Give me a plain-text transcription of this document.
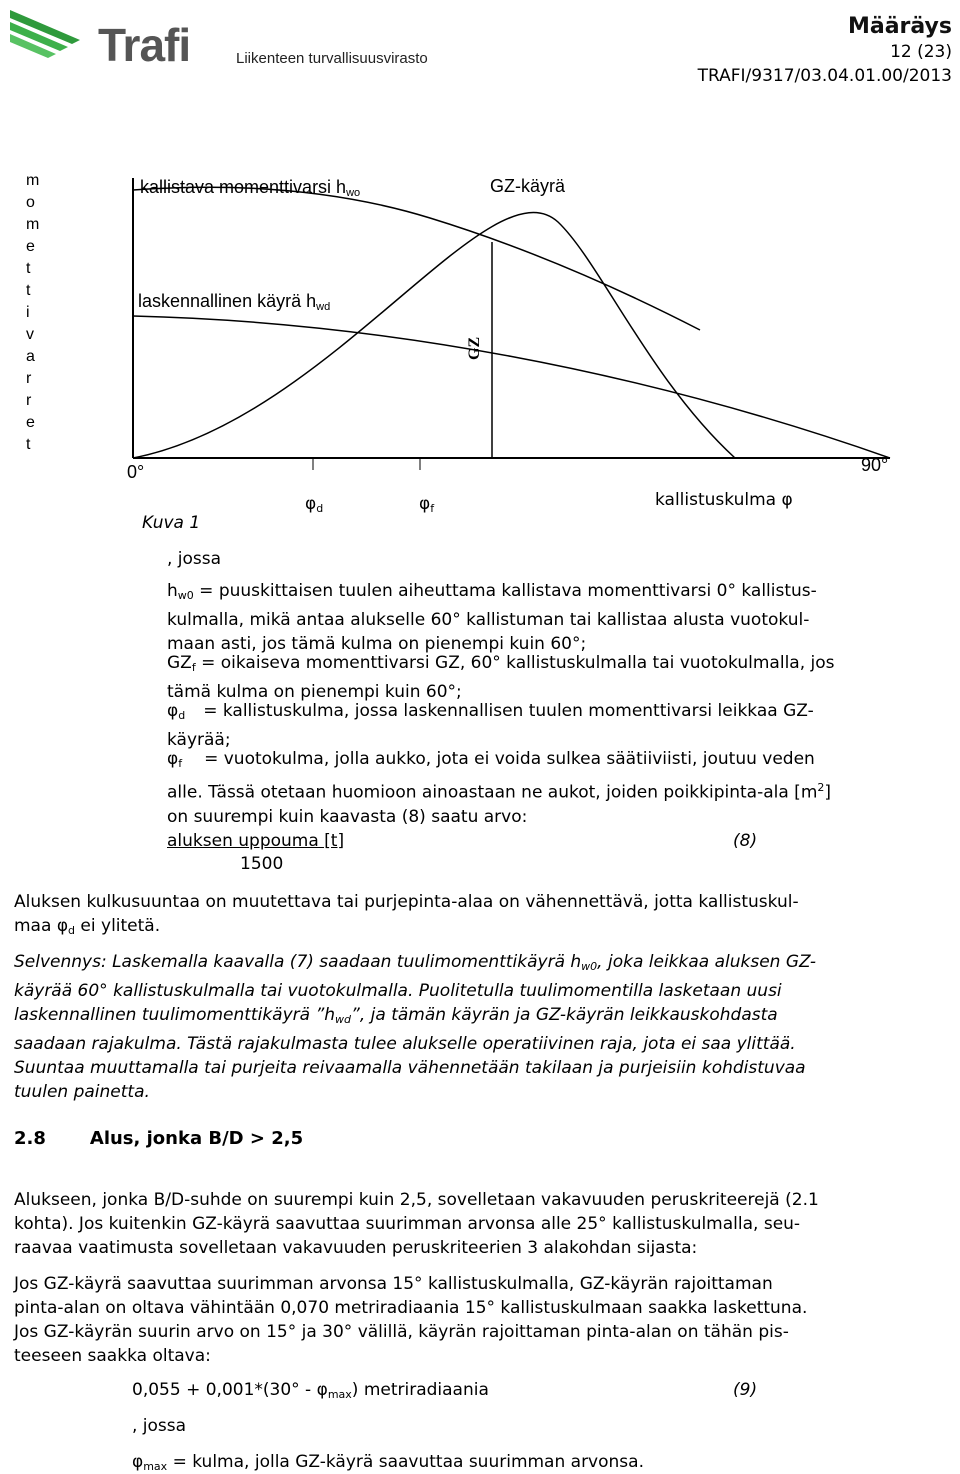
Trafi	Liikenteen turvallisuusvirasto
Määräys
12 (23)
TRAFI/9317/03.04.01.00/2013
m
o
m
e
t
t
i
v
a
r
r
e
t
kallistava momenttivarsi $h_{wo}$	GZ-käyrä
laskennallinen käyrä $h_{wd}$
GZ
0°	90°
$\varphi_d$	$\varphi_f$	kallistuskulma φ
Kuva 1
, jossa
$h_{w0}$ = puuskittaisen tuulen aiheuttama kallistava momenttivarsi 0° kallistus-
kulmalla, mikä antaa alukselle 60° kallistuman tai kallistaa alusta vuotokul-
maan asti, jos tämä kulma on pienempi kuin 60°;
$GZ_f$ = oikaiseva momenttivarsi GZ, 60° kallistuskulmalla tai vuotokulmalla, jos
tämä kulma on pienempi kuin 60°;
$\varphi_d$ = kallistuskulma, jossa laskennallisen tuulen momenttivarsi leikkaa GZ-
käyrää;
$\varphi_f$ = vuotokulma, jolla aukko, jota ei voida sulkea säätiiviisti, joutuu veden
alle. Tässä otetaan huomioon ainoastaan ne aukot, joiden poikkipinta-ala $[m^2]$
on suurempi kuin kaavasta (8) saatu arvo:
aluksen uppouma [t]
1500
(8)
Aluksen kulkusuuntaa on muutettava tai purjepinta-alaa on vähennettävä, jotta kallistuskul-
maa $\varphi_d$ ei ylitetä.
Selvennys: Laskemalla kaavalla (7) saadaan tuulimomenttikäyrä $h_{w0}$, joka leikkaa aluksen GZ-
käyrää 60° kallistuskulmalla tai vuotokulmalla. Puolitetulla tuulimomentilla lasketaan uusi
laskennallinen tuulimomenttikäyrä $”h_{wd}$”, ja tämän käyrän ja GZ-käyrän leikkauskohdasta
saadaan rajakulma. Tästä rajakulmasta tulee alukselle operatiivinen raja, jota ei saa ylittää.
Suuntaa muuttamalla tai purjeita reivaamalla vähennetään takilaan ja purjeisiin kohdistuvaa
tuulen painetta.
2.8 Alus, jonka B/D > 2,5
Alukseen, jonka B/D-suhde on suurempi kuin 2,5, sovelletaan vakavuuden peruskriteerejä (2.1
kohta). Jos kuitenkin GZ-käyrä saavuttaa suurimman arvonsa alle 25° kallistuskulmalla, seu-
raavaa vaatimusta sovelletaan vakavuuden peruskriteerien 3 alakohdan sijasta:
Jos GZ-käyrä saavuttaa suurimman arvonsa 15° kallistuskulmalla, GZ-käyrän rajoittaman
pinta-alan on oltava vähintään 0,070 metriradiaania 15° kallistuskulmaan saakka laskettuna.
Jos GZ-käyrän suurin arvo on 15° ja 30° välillä, käyrän rajoittaman pinta-alan on tähän pis-
teeseen saakka oltava:
$0,055 + 0,001*(30^\circ - \varphi_{max})$ metriradiaania	(9)
, jossa
$\varphi_{max}$ = kulma, jolla GZ-käyrä saavuttaa suurimman arvonsa.
